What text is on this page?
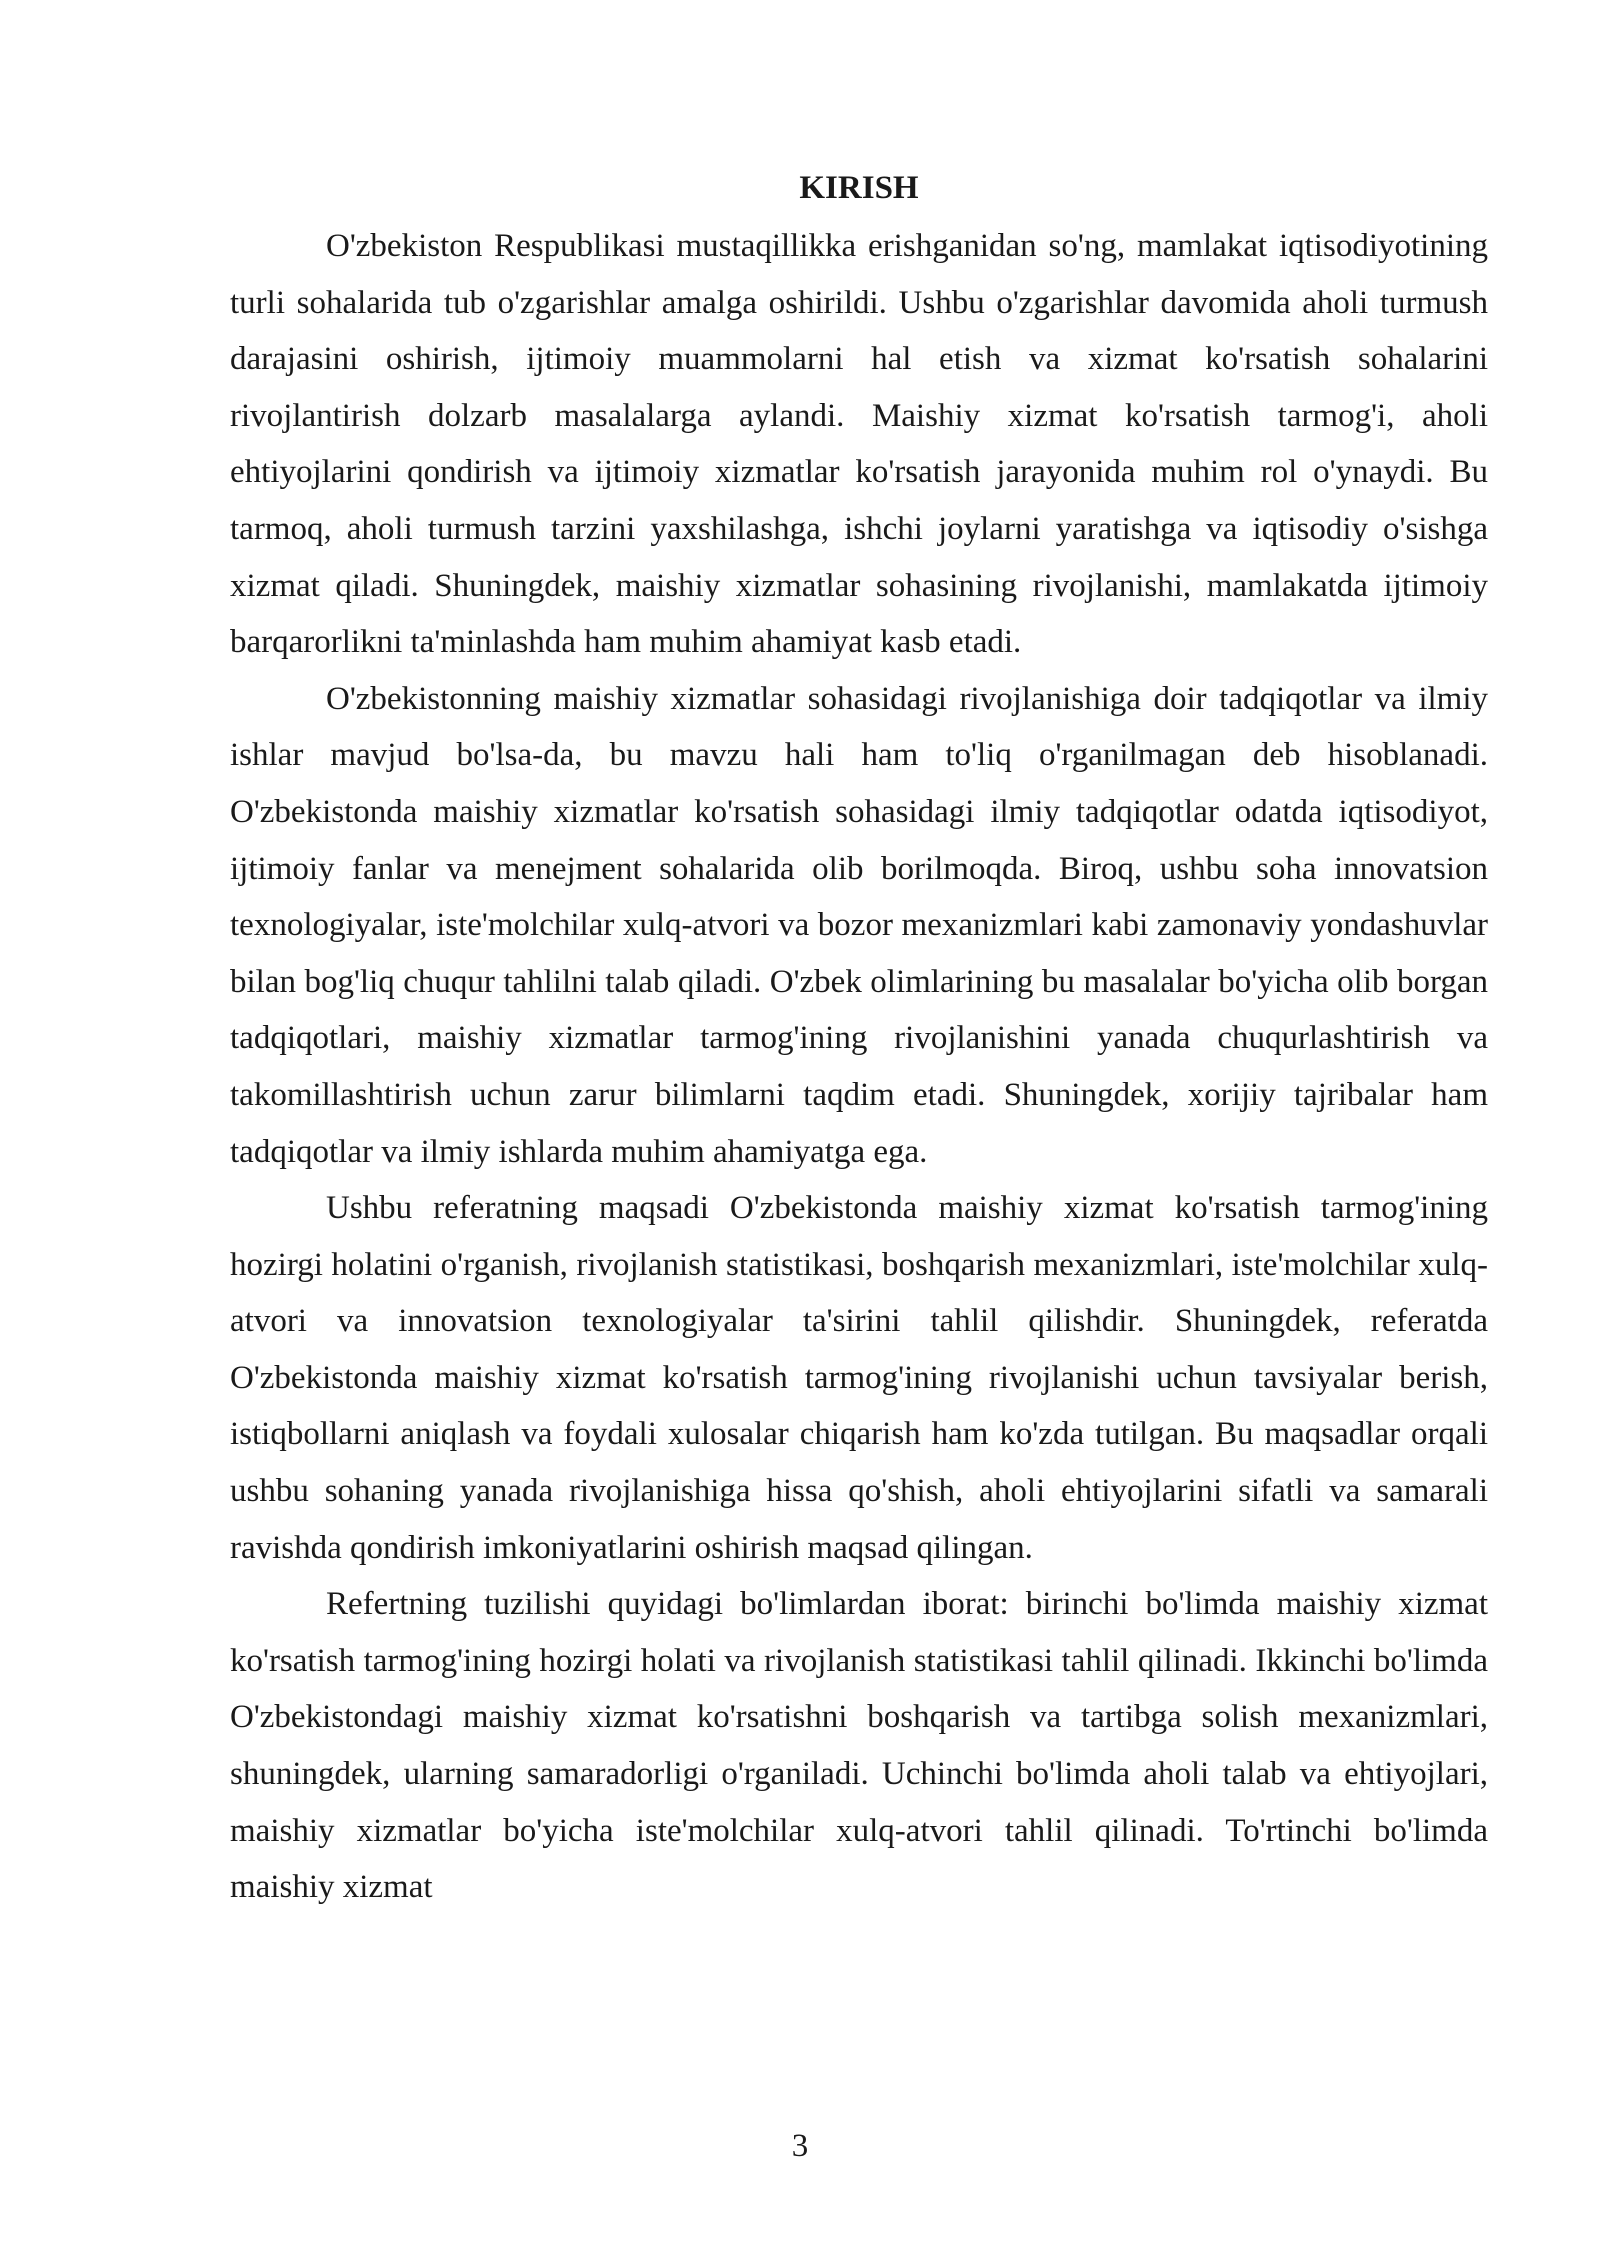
KIRISH

O'zbekiston Respublikasi mustaqillikka erishganidan so'ng, mamlakat iqtisodiyotining turli sohalarida tub o'zgarishlar amalga oshirildi. Ushbu o'zgarishlar davomida aholi turmush darajasini oshirish, ijtimoiy muammolarni hal etish va xizmat ko'rsatish sohalarini rivojlantirish dolzarb masalalarga aylandi. Maishiy xizmat ko'rsatish tarmog'i, aholi ehtiyojlarini qondirish va ijtimoiy xizmatlar ko'rsatish jarayonida muhim rol o'ynaydi. Bu tarmoq, aholi turmush tarzini yaxshilashga, ishchi joylarni yaratishga va iqtisodiy o'sishga xizmat qiladi. Shuningdek, maishiy xizmatlar sohasining rivojlanishi, mamlakatda ijtimoiy barqarorlikni ta'minlashda ham muhim ahamiyat kasb etadi.

O'zbekistonning maishiy xizmatlar sohasidagi rivojlanishiga doir tadqiqotlar va ilmiy ishlar mavjud bo'lsa-da, bu mavzu hali ham to'liq o'rganilmagan deb hisoblanadi. O'zbekistonda maishiy xizmatlar ko'rsatish sohasidagi ilmiy tadqiqotlar odatda iqtisodiyot, ijtimoiy fanlar va menejment sohalarida olib borilmoqda. Biroq, ushbu soha innovatsion texnologiyalar, iste'molchilar xulq-atvori va bozor mexanizmlari kabi zamonaviy yondashuvlar bilan bog'liq chuqur tahlilni talab qiladi. O'zbek olimlarining bu masalalar bo'yicha olib borgan tadqiqotlari, maishiy xizmatlar tarmog'ining rivojlanishini yanada chuqurlashtirish va takomillashtirish uchun zarur bilimlarni taqdim etadi. Shuningdek, xorijiy tajribalar ham tadqiqotlar va ilmiy ishlarda muhim ahamiyatga ega.

Ushbu referatning maqsadi O'zbekistonda maishiy xizmat ko'rsatish tarmog'ining hozirgi holatini o'rganish, rivojlanish statistikasi, boshqarish mexanizmlari, iste'molchilar xulq-atvori va innovatsion texnologiyalar ta'sirini tahlil qilishdir. Shuningdek, referatda O'zbekistonda maishiy xizmat ko'rsatish tarmog'ining rivojlanishi uchun tavsiyalar berish, istiqbollarni aniqlash va foydali xulosalar chiqarish ham ko'zda tutilgan. Bu maqsadlar orqali ushbu sohaning yanada rivojlanishiga hissa qo'shish, aholi ehtiyojlarini sifatli va samarali ravishda qondirish imkoniyatlarini oshirish maqsad qilingan.

Refertning tuzilishi quyidagi bo'limlardan iborat: birinchi bo'limda maishiy xizmat ko'rsatish tarmog'ining hozirgi holati va rivojlanish statistikasi tahlil qilinadi. Ikkinchi bo'limda O'zbekistondagi maishiy xizmat ko'rsatishni boshqarish va tartibga solish mexanizmlari, shuningdek, ularning samaradorligi o'rganiladi. Uchinchi bo'limda aholi talab va ehtiyojlari, maishiy xizmatlar bo'yicha iste'molchilar xulq-atvori tahlil qilinadi. To'rtinchi bo'limda maishiy xizmat

3
